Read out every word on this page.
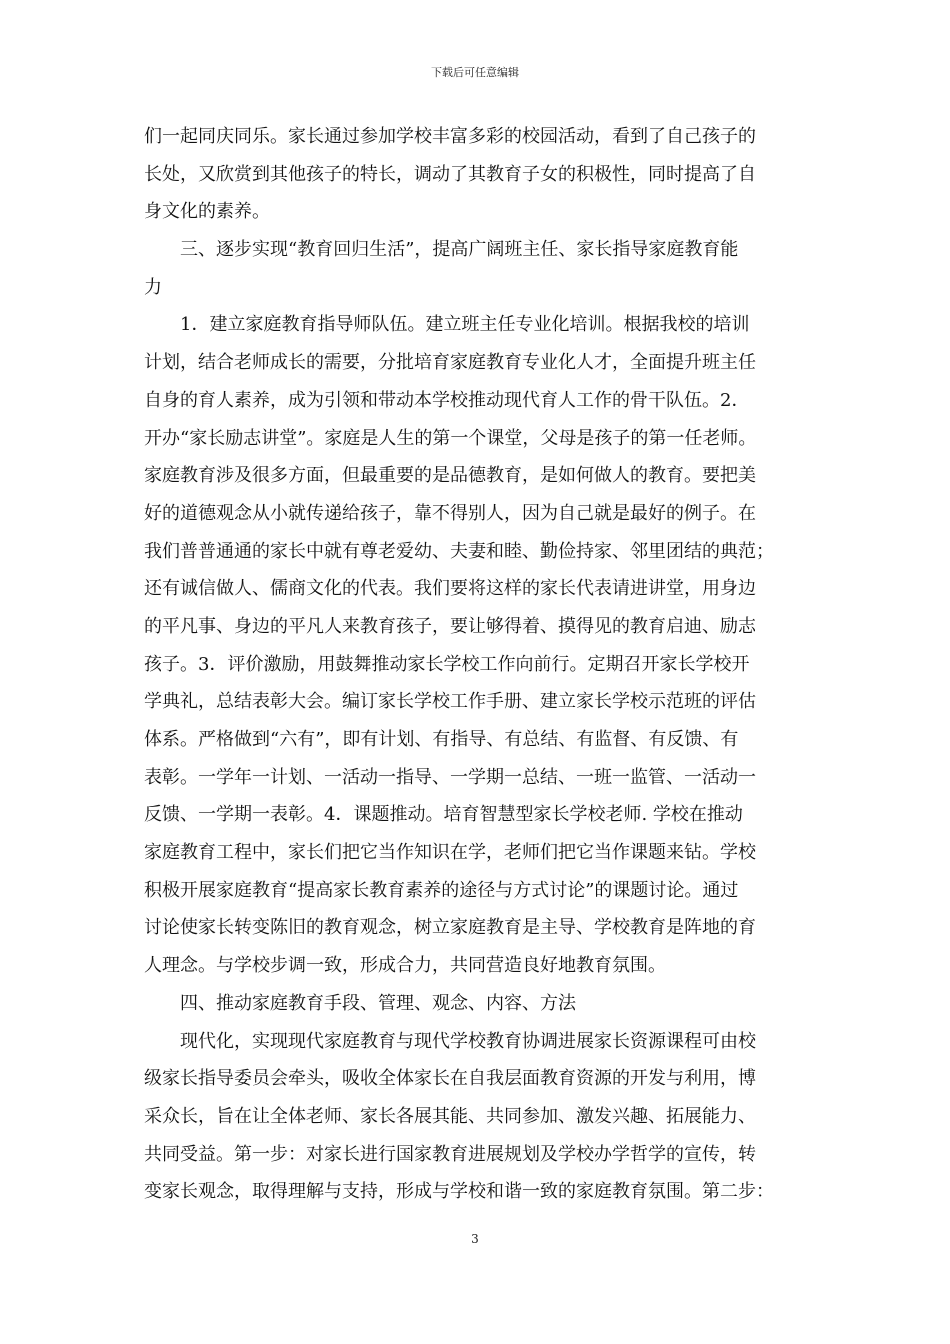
下载后可任意编辑
们一起同庆同乐。家长通过参加学校丰富多彩的校园活动，看到了自己孩子的
长处，又欣赏到其他孩子的特长，调动了其教育子女的积极性，同时提高了自
身文化的素养。
　　三、逐步实现“教育回归生活”，提高广阔班主任、家长指导家庭教育能
力
　　1．建立家庭教育指导师队伍。建立班主任专业化培训。根据我校的培训
计划，结合老师成长的需要，分批培育家庭教育专业化人才，全面提升班主任
自身的育人素养，成为引领和带动本学校推动现代育人工作的骨干队伍。2．
开办“家长励志讲堂”。家庭是人生的第一个课堂，父母是孩子的第一任老师。
家庭教育涉及很多方面，但最重要的是品德教育，是如何做人的教育。要把美
好的道德观念从小就传递给孩子，靠不得别人，因为自己就是最好的例子。在
我们普普通通的家长中就有尊老爱幼、夫妻和睦、勤俭持家、邻里团结的典范；
还有诚信做人、儒商文化的代表。我们要将这样的家长代表请进讲堂，用身边
的平凡事、身边的平凡人来教育孩子，要让够得着、摸得见的教育启迪、励志
孩子。3．评价激励，用鼓舞推动家长学校工作向前行。定期召开家长学校开
学典礼，总结表彰大会。编订家长学校工作手册、建立家长学校示范班的评估
体系。严格做到“六有”，即有计划、有指导、有总结、有监督、有反馈、有
表彰。一学年一计划、一活动一指导、一学期一总结、一班一监管、一活动一
反馈、一学期一表彰。4．课题推动。培育智慧型家长学校老师. 学校在推动
家庭教育工程中，家长们把它当作知识在学，老师们把它当作课题来钻。学校
积极开展家庭教育“提高家长教育素养的途径与方式讨论”的课题讨论。通过
讨论使家长转变陈旧的教育观念，树立家庭教育是主导、学校教育是阵地的育
人理念。与学校步调一致，形成合力，共同营造良好地教育氛围。
　　四、推动家庭教育手段、管理、观念、内容、方法
　　现代化，实现现代家庭教育与现代学校教育协调进展家长资源课程可由校
级家长指导委员会牵头，吸收全体家长在自我层面教育资源的开发与利用，博
采众长，旨在让全体老师、家长各展其能、共同参加、激发兴趣、拓展能力、
共同受益。第一步：对家长进行国家教育进展规划及学校办学哲学的宣传，转
变家长观念，取得理解与支持，形成与学校和谐一致的家庭教育氛围。第二步：
3
